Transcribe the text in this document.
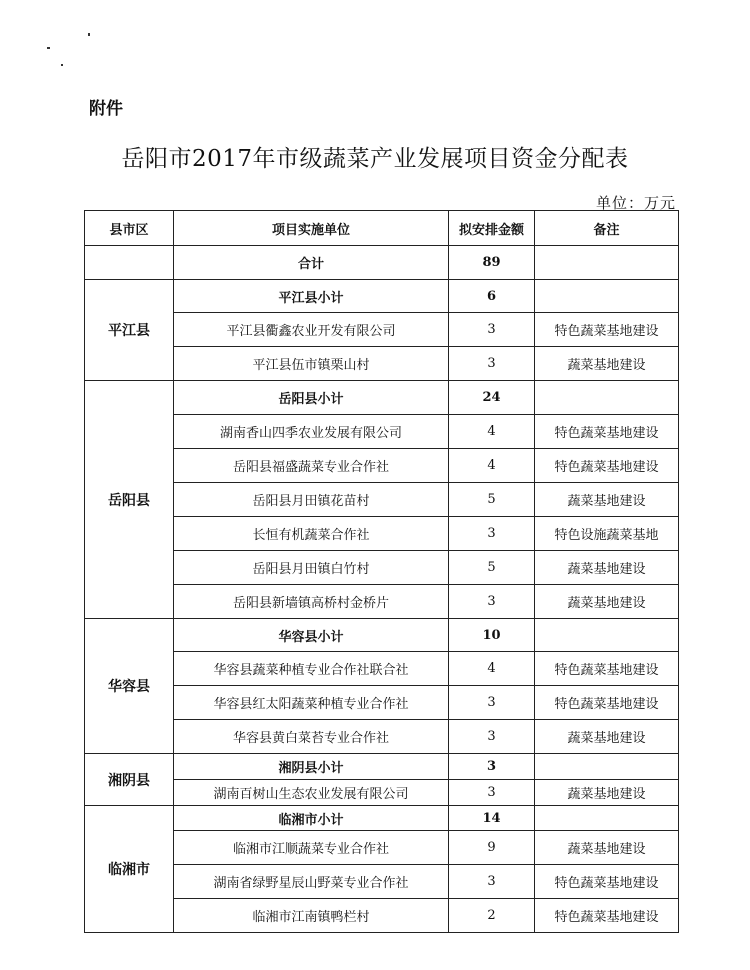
附件
岳阳市2017年市级蔬菜产业发展项目资金分配表
单位：万元
县市区	项目实施单位	拟安排金额	备注
	合计	89	
平江县	平江县小计	6	
	平江县衢鑫农业开发有限公司	3	特色蔬菜基地建设
	平江县伍市镇栗山村	3	蔬菜基地建设
岳阳县	岳阳县小计	24	
	湖南香山四季农业发展有限公司	4	特色蔬菜基地建设
	岳阳县福盛蔬菜专业合作社	4	特色蔬菜基地建设
	岳阳县月田镇花苗村	5	蔬菜基地建设
	长恒有机蔬菜合作社	3	特色设施蔬菜基地
	岳阳县月田镇白竹村	5	蔬菜基地建设
	岳阳县新墙镇高桥村金桥片	3	蔬菜基地建设
华容县	华容县小计	10	
	华容县蔬菜种植专业合作社联合社	4	特色蔬菜基地建设
	华容县红太阳蔬菜种植专业合作社	3	特色蔬菜基地建设
	华容县黄白菜苔专业合作社	3	蔬菜基地建设
湘阴县	湘阴县小计	3	
	湖南百树山生态农业发展有限公司	3	蔬菜基地建设
临湘市	临湘市小计	14	
	临湘市江顺蔬菜专业合作社	9	蔬菜基地建设
	湖南省绿野星辰山野菜专业合作社	3	特色蔬菜基地建设
	临湘市江南镇鸭栏村	2	特色蔬菜基地建设
